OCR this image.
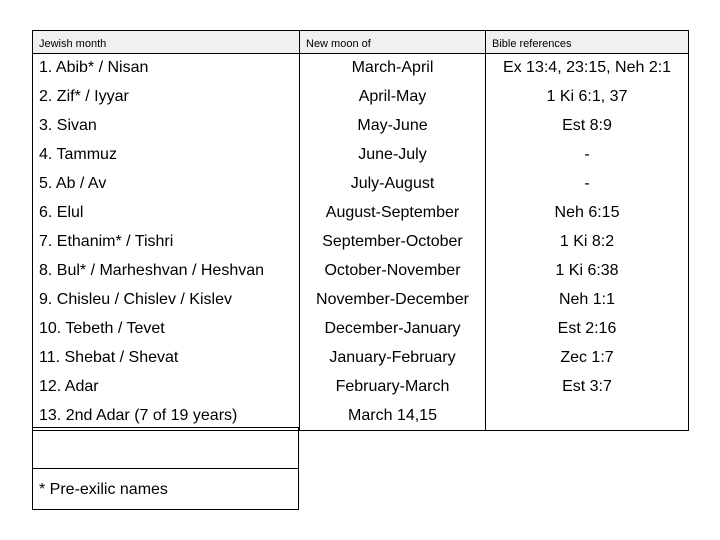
Jewish month	New moon of	Bible references
1. Abib* / Nisan	March-April	Ex 13:4, 23:15, Neh 2:1
2. Zif* / Iyyar	April-May	1 Ki 6:1, 37
3. Sivan	May-June	Est 8:9
4. Tammuz	June-July	-
5. Ab / Av	July-August	-
6. Elul	August-September	Neh 6:15
7. Ethanim* / Tishri	September-October	1 Ki 8:2
8. Bul* / Marheshvan / Heshvan	October-November	1 Ki 6:38
9. Chisleu / Chislev / Kislev	November-December	Neh 1:1
10. Tebeth / Tevet	December-January	Est 2:16
11. Shebat / Shevat	January-February	Zec 1:7
12. Adar	February-March	Est 3:7
13. 2nd Adar (7 of 19 years)	March 14,15
* Pre-exilic names
